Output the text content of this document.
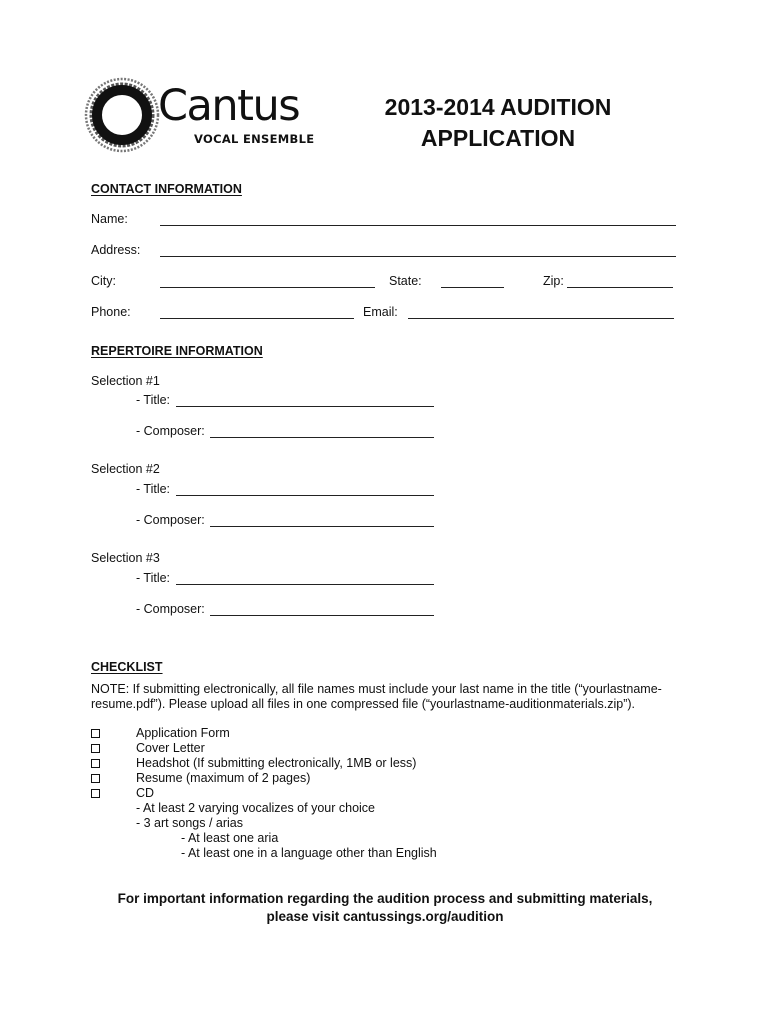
Cantus
VOCAL ENSEMBLE
2013-2014 AUDITION
APPLICATION
CONTACT INFORMATION
Name:
Address:
City:	State:	Zip:
Phone:	Email:
REPERTOIRE INFORMATION
Selection #1
- Title:
- Composer:
Selection #2
- Title:
- Composer:
Selection #3
- Title:
- Composer:
CHECKLIST
NOTE: If submitting electronically, all file names must include your last name in the title (“yourlastname-
resume.pdf”). Please upload all files in one compressed file (“yourlastname-auditionmaterials.zip”).
Application Form
Cover Letter
Headshot (If submitting electronically, 1MB or less)
Resume (maximum of 2 pages)
CD
- At least 2 varying vocalizes of your choice
- 3 art songs / arias
- At least one aria
- At least one in a language other than English
For important information regarding the audition process and submitting materials,
please visit cantussings.org/audition
